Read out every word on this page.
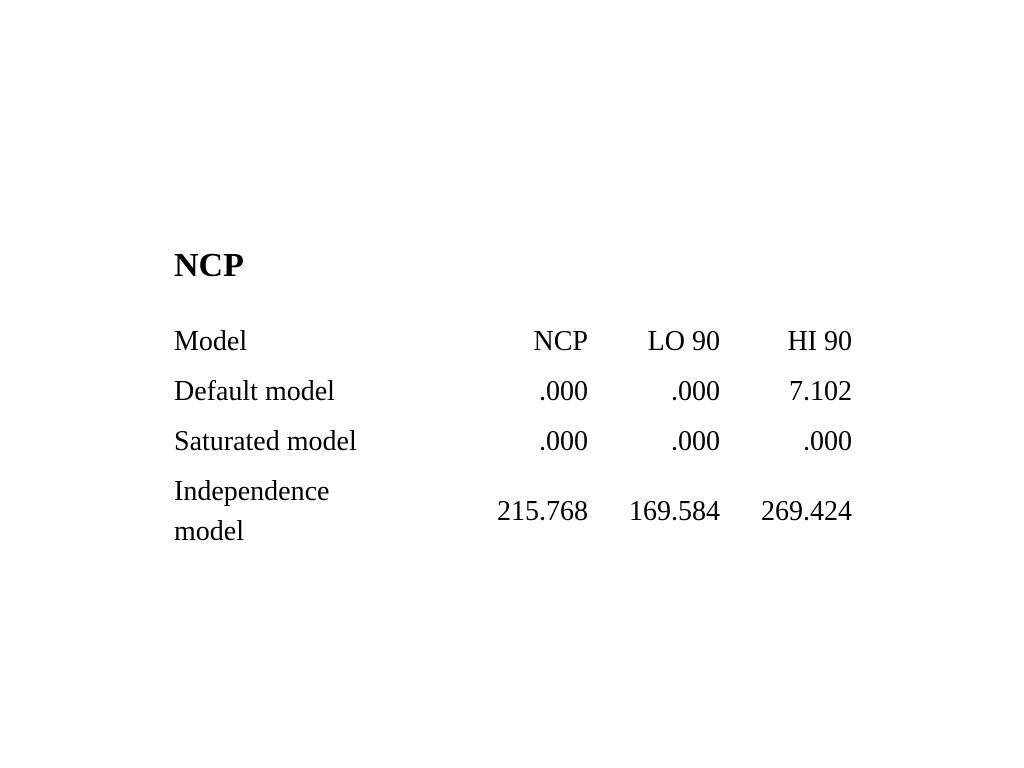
NCP
Model	NCP	LO 90	HI 90
Default model	.000	.000	7.102
Saturated model	.000	.000	.000
Independence
model	215.768	169.584	269.424
